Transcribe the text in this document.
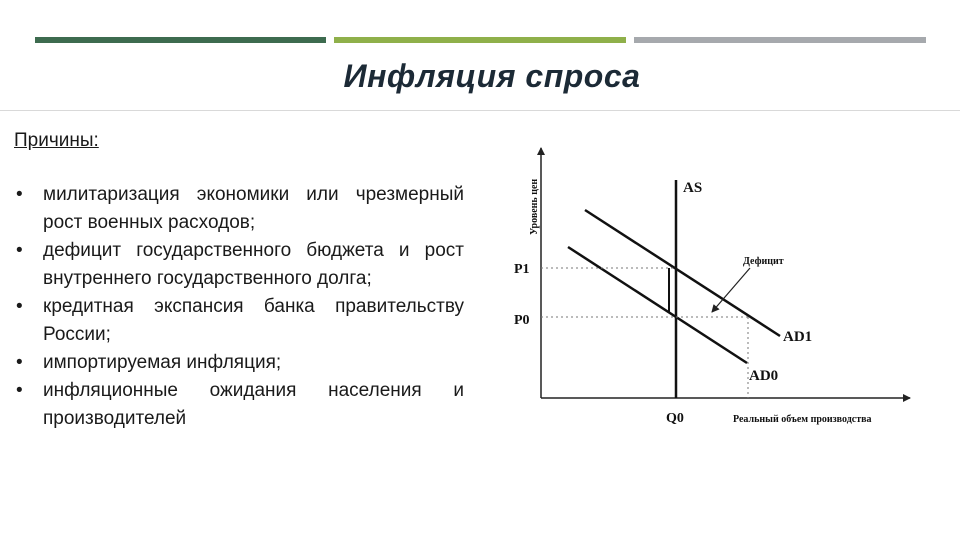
Инфляция спроса

Причины:

• милитаризация экономики или чрезмерный рост военных расходов;
• дефицит государственного бюджета и рост внутреннего государственного долга;
• кредитная экспансия банка правительству России;
• импортируемая инфляция;
• инфляционные ожидания населения и производителей
Уровень цен
Реальный объем производства
AS
AD0
AD1
P1
P0
Q0
Дефицит
